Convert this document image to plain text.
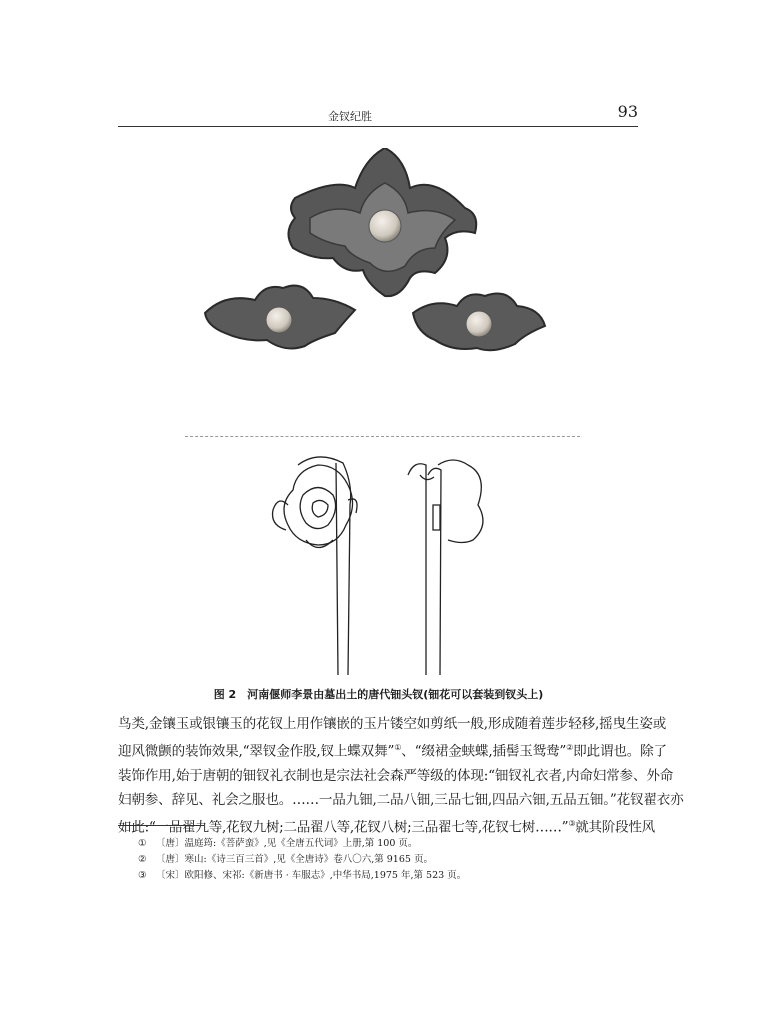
金钗纪胜	93
图 2　河南偃师李景由墓出土的唐代钿头钗(钿花可以套装到钗头上)
鸟类,金镶玉或银镶玉的花钗上用作镶嵌的玉片镂空如剪纸一般,形成随着莲步轻移,摇曳生姿或
迎风微颤的装饰效果,“翠钗金作股,钗上蝶双舞”①、“缀裙金蛱蝶,插髻玉鸳鸯”②即此谓也。除了
装饰作用,始于唐朝的钿钗礼衣制也是宗法社会森严等级的体现:“钿钗礼衣者,内命妇常参、外命
妇朝参、辞见、礼会之服也。……一品九钿,二品八钿,三品七钿,四品六钿,五品五钿。”花钗翟衣亦
如此:“一品翟九等,花钗九树;二品翟八等,花钗八树;三品翟七等,花钗七树……”③就其阶段性风
① 〔唐〕温庭筠:《菩萨蛮》,见《全唐五代词》上册,第 100 页。
② 〔唐〕寒山:《诗三百三首》,见《全唐诗》卷八〇六,第 9165 页。
③ 〔宋〕欧阳修、宋祁:《新唐书 · 车服志》,中华书局,1975 年,第 523 页。
